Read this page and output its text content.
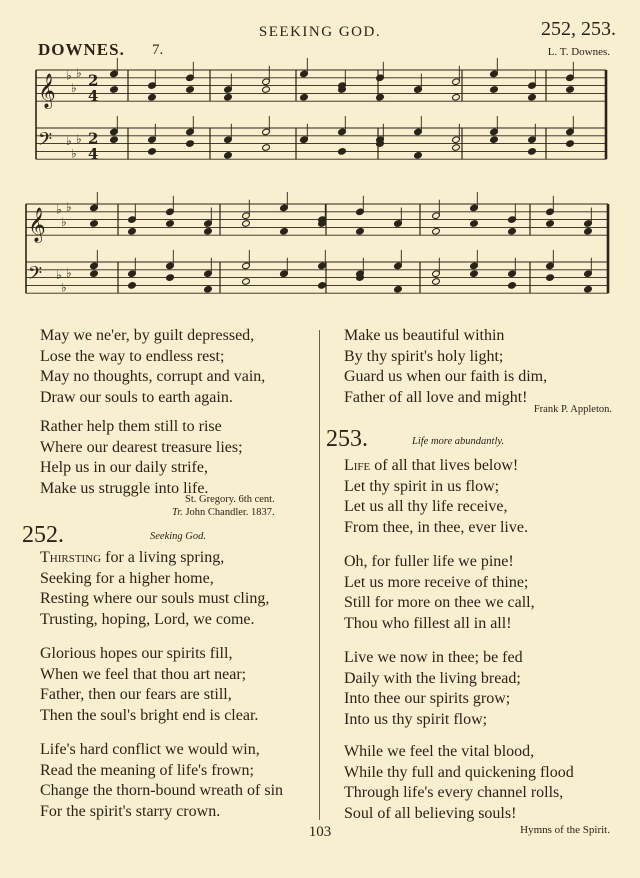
SEEKING GOD.	252, 253.
DOWNES. 7.	L. T. Downes.
𝄞
𝄢
♭
♭
♭
♭
♭
♭
2
2
4
4
𝄞
𝄢
♭
♭
♭
♭
♭
♭
May we ne'er, by guilt depressed,
Lose the way to endless rest;
May no thoughts, corrupt and vain,
Draw our souls to earth again.
Rather help them still to rise
Where our dearest treasure lies;
Help us in our daily strife,
Make us struggle into life.
St. Gregory. 6th cent.
Tr. John Chandler. 1837.
252.	Seeking God.
Thirsting for a living spring,
Seeking for a higher home,
Resting where our souls must cling,
Trusting, hoping, Lord, we come.
Glorious hopes our spirits fill,
When we feel that thou art near;
Father, then our fears are still,
Then the soul's bright end is clear.
Life's hard conflict we would win,
Read the meaning of life's frown;
Change the thorn-bound wreath of sin
For the spirit's starry crown.
Make us beautiful within
By thy spirit's holy light;
Guard us when our faith is dim,
Father of all love and might!
Frank P. Appleton.
253.	Life more abundantly.
Life of all that lives below!
Let thy spirit in us flow;
Let us all thy life receive,
From thee, in thee, ever live.
Oh, for fuller life we pine!
Let us more receive of thine;
Still for more on thee we call,
Thou who fillest all in all!
Live we now in thee; be fed
Daily with the living bread;
Into thee our spirits grow;
Into us thy spirit flow;
While we feel the vital blood,
While thy full and quickening flood
Through life's every channel rolls,
Soul of all believing souls!
103	Hymns of the Spirit.
